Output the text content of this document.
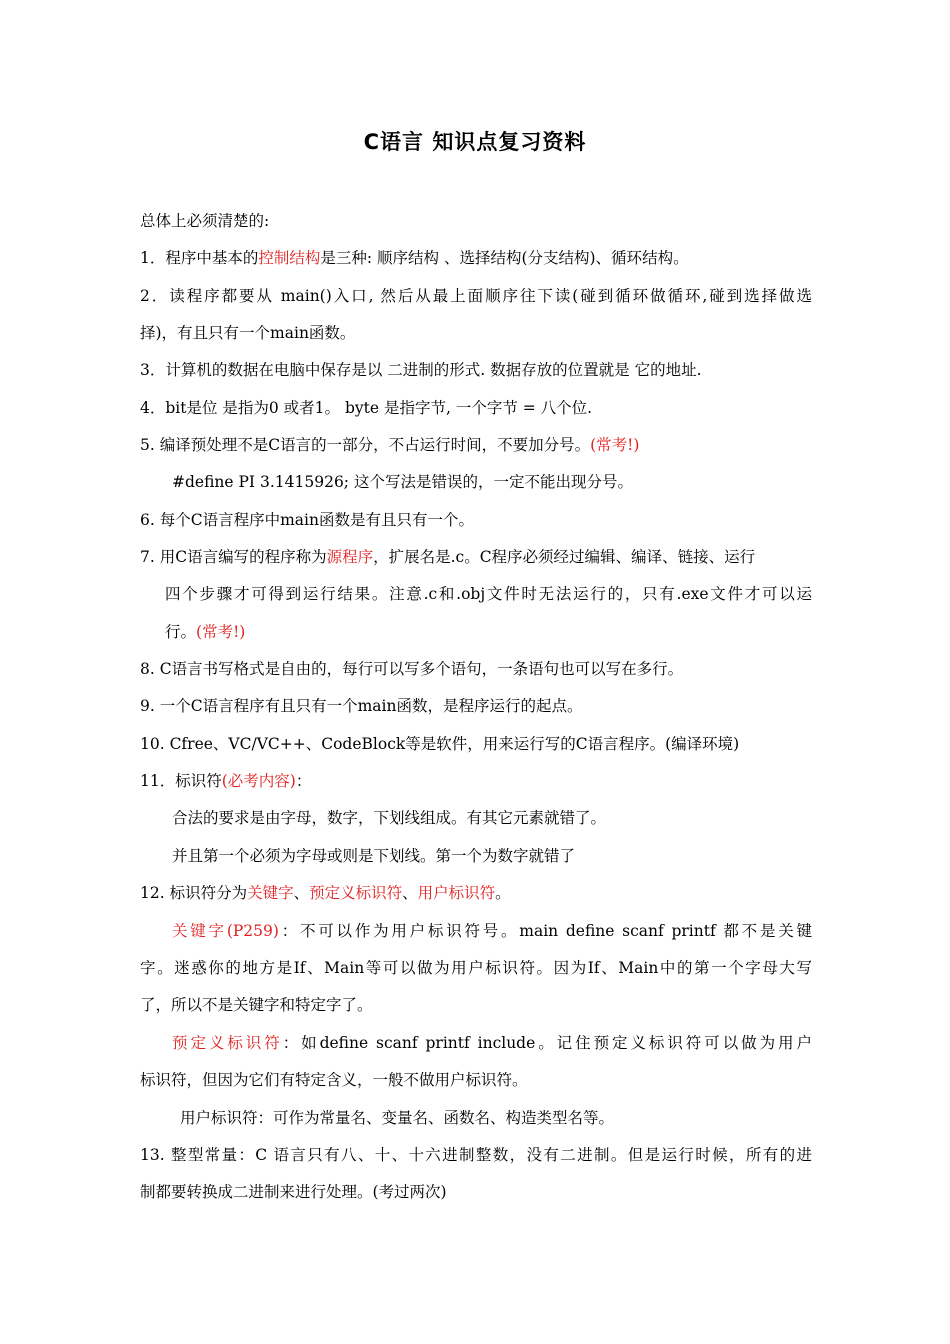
C语言 知识点复习资料
总体上必须清楚的:
1．程序中基本的控制结构是三种: 顺序结构 、选择结构(分支结构)、循环结构。
2．读程序都要从 main()入口, 然后从最上面顺序往下读(碰到循环做循环,碰到选择做选
择)，有且只有一个main函数。
3．计算机的数据在电脑中保存是以 二进制的形式. 数据存放的位置就是 它的地址.
4．bit是位 是指为0 或者1。 byte 是指字节, 一个字节 = 八个位.
5. 编译预处理不是C语言的一部分，不占运行时间，不要加分号。(常考!)
#define PI 3.1415926; 这个写法是错误的，一定不能出现分号。
6. 每个C语言程序中main函数是有且只有一个。
7. 用C语言编写的程序称为源程序，扩展名是.c。C程序必须经过编辑、编译、链接、运行
四个步骤才可得到运行结果。注意.c和.obj文件时无法运行的，只有.exe文件才可以运
行。(常考!)
8. C语言书写格式是自由的，每行可以写多个语句，一条语句也可以写在多行。
9. 一个C语言程序有且只有一个main函数，是程序运行的起点。
10. Cfree、VC/VC++、CodeBlock等是软件，用来运行写的C语言程序。(编译环境)
11．标识符(必考内容)：
合法的要求是由字母，数字，下划线组成。有其它元素就错了。
并且第一个必须为字母或则是下划线。第一个为数字就错了
12. 标识符分为关键字、预定义标识符、用户标识符。
关键字(P259)：不可以作为用户标识符号。main define scanf printf 都不是关键
字。迷惑你的地方是If、Main等可以做为用户标识符。因为If、Main中的第一个字母大写
了，所以不是关键字和特定字了。
预定义标识符：如define scanf printf include。记住预定义标识符可以做为用户
标识符，但因为它们有特定含义，一般不做用户标识符。
用户标识符：可作为常量名、变量名、函数名、构造类型名等。
13. 整型常量：C 语言只有八、十、十六进制整数，没有二进制。但是运行时候，所有的进
制都要转换成二进制来进行处理。(考过两次)
